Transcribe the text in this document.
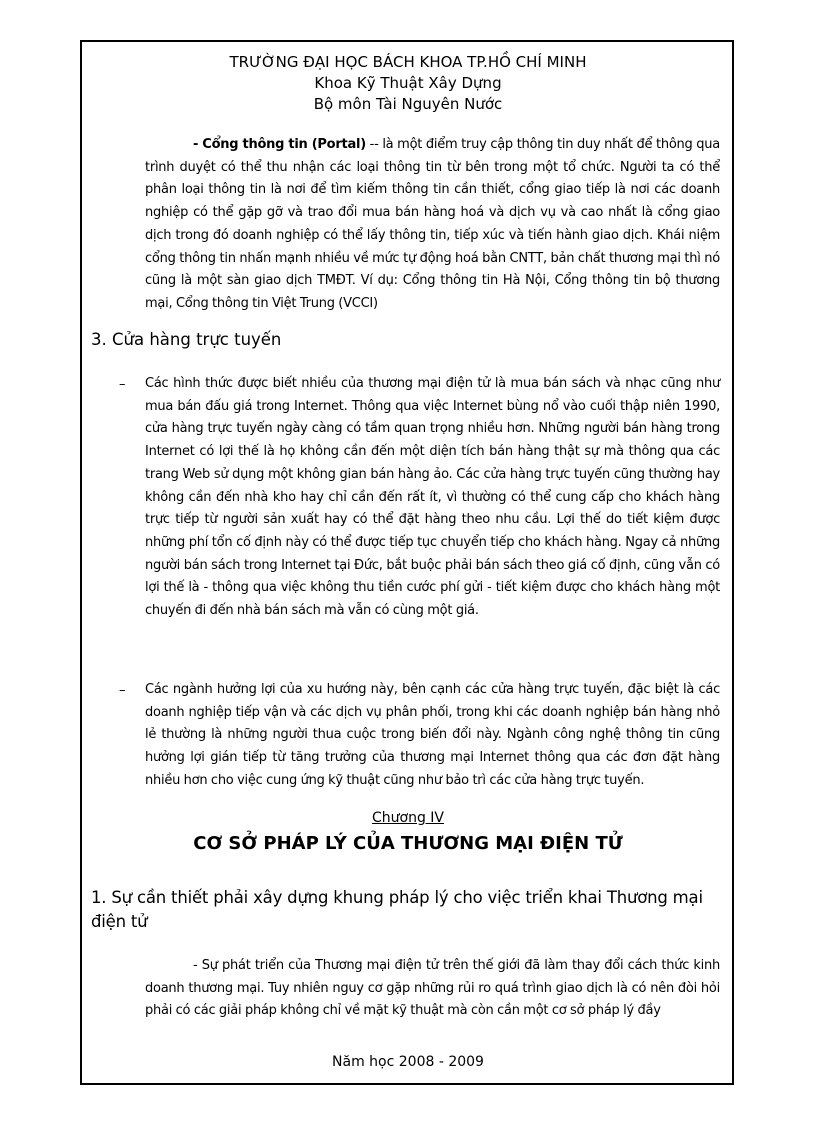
TRƯỜNG ĐẠI HỌC BÁCH KHOA TP.HỒ CHÍ MINH
Khoa Kỹ Thuật Xây Dựng
Bộ môn Tài Nguyên Nước
- Cổng thông tin (Portal) -- là một điểm truy cập thông tin duy nhất để thông qua trình duyệt có thể thu nhận các loại thông tin từ bên trong một tổ chức. Người ta có thể phân loại thông tin là nơi để tìm kiếm thông tin cần thiết, cổng giao tiếp là nơi các doanh nghiệp có thể gặp gỡ và trao đổi mua bán hàng hoá và dịch vụ và cao nhất là cổng giao dịch trong đó doanh nghiệp có thể lấy thông tin, tiếp xúc và tiến hành giao dịch. Khái niệm cổng thông tin nhấn mạnh nhiều về mức tự động hoá bằn CNTT, bản chất thương mại thì nó cũng là một sàn giao dịch TMĐT. Ví dụ: Cổng thông tin Hà Nội, Cổng thông tin bộ thương mại, Cổng thông tin Việt Trung (VCCI)
3. Cửa hàng trực tuyến
– Các hình thức được biết nhiều của thương mại điện tử là mua bán sách và nhạc cũng như mua bán đấu giá trong Internet. Thông qua việc Internet bùng nổ vào cuối thập niên 1990, cửa hàng trực tuyến ngày càng có tầm quan trọng nhiều hơn. Những người bán hàng trong Internet có lợi thế là họ không cần đến một diện tích bán hàng thật sự mà thông qua các trang Web sử dụng một không gian bán hàng ảo. Các cửa hàng trực tuyến cũng thường hay không cần đến nhà kho hay chỉ cần đến rất ít, vì thường có thể cung cấp cho khách hàng trực tiếp từ người sản xuất hay có thể đặt hàng theo nhu cầu. Lợi thế do tiết kiệm được những phí tổn cố định này có thể được tiếp tục chuyển tiếp cho khách hàng. Ngay cả những người bán sách trong Internet tại Đức, bắt buộc phải bán sách theo giá cố định, cũng vẫn có lợi thế là - thông qua việc không thu tiền cước phí gửi - tiết kiệm được cho khách hàng một chuyến đi đến nhà bán sách mà vẫn có cùng một giá.
– Các ngành hưởng lợi của xu hướng này, bên cạnh các cửa hàng trực tuyến, đặc biệt là các doanh nghiệp tiếp vận và các dịch vụ phân phối, trong khi các doanh nghiệp bán hàng nhỏ lẻ thường là những người thua cuộc trong biến đổi này. Ngành công nghệ thông tin cũng hưởng lợi gián tiếp từ tăng trưởng của thương mại Internet thông qua các đơn đặt hàng nhiều hơn cho việc cung ứng kỹ thuật cũng như bảo trì các cửa hàng trực tuyến.
Chương IV
CƠ SỞ PHÁP LÝ CỦA THƯƠNG MẠI ĐIỆN TỬ
1. Sự cần thiết phải xây dựng khung pháp lý cho việc triển khai Thương mại điện tử
- Sự phát triển của Thương mại điện tử trên thế giới đã làm thay đổi cách thức kinh doanh thương mại. Tuy nhiên nguy cơ gặp những rủi ro quá trình giao dịch là có nên đòi hỏi phải có các giải pháp không chỉ về mặt kỹ thuật mà còn cần một cơ sở pháp lý đầy
Năm học 2008 - 2009
